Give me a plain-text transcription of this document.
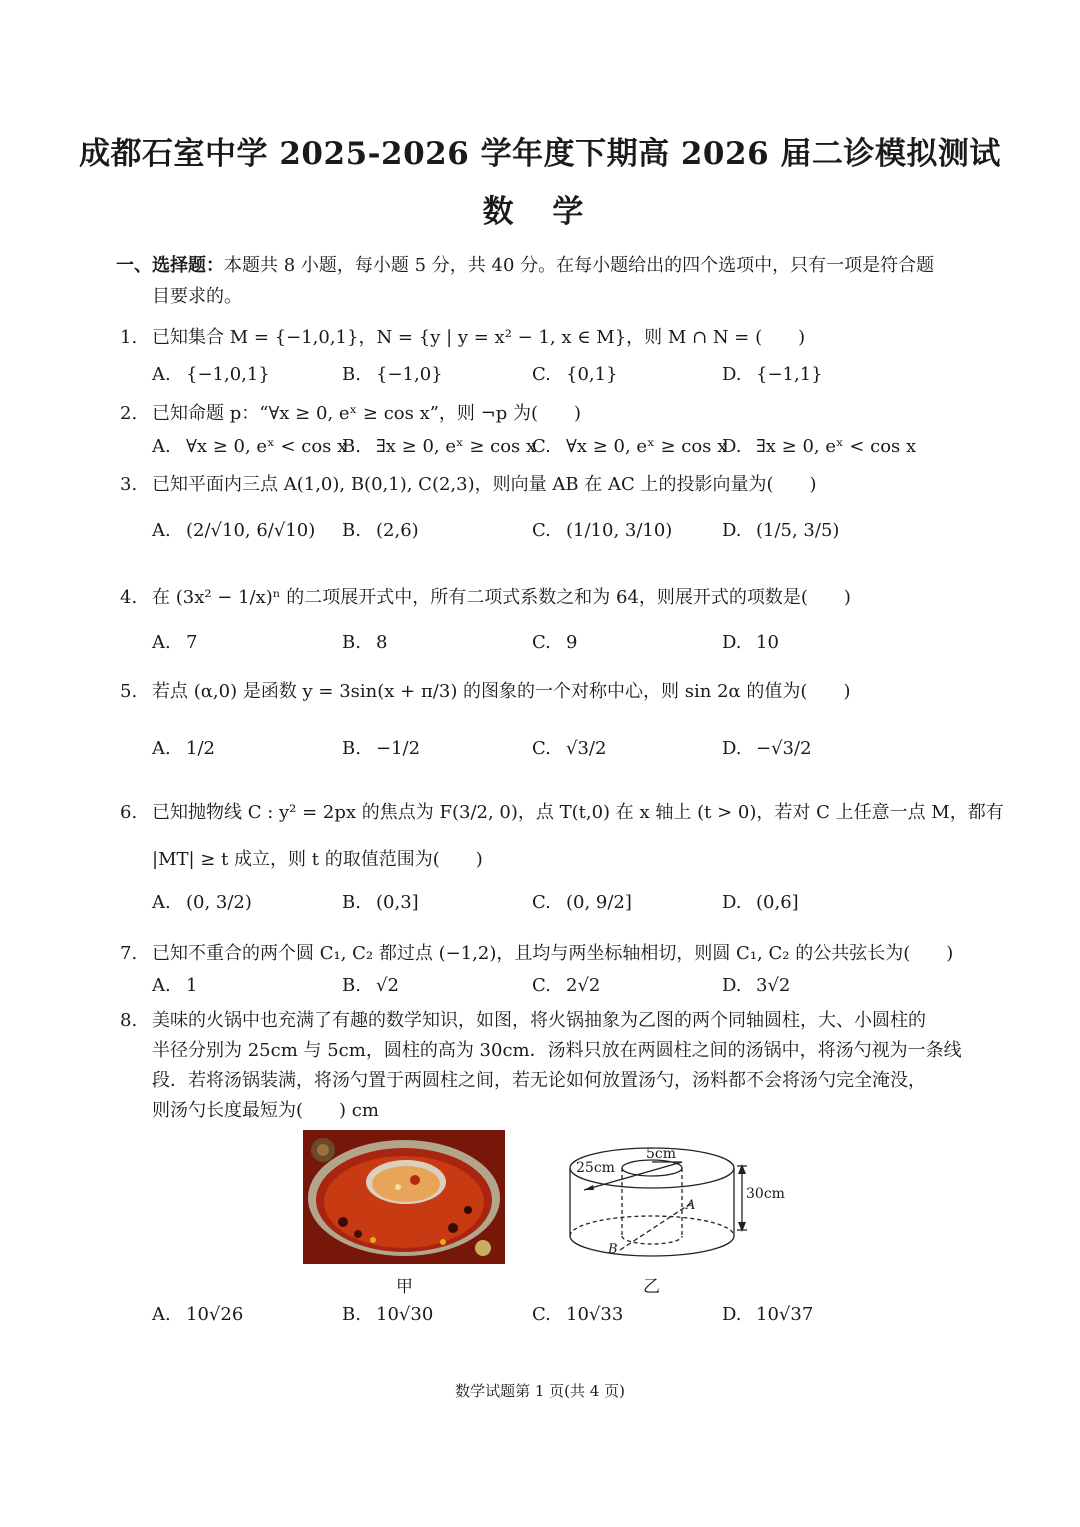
成都石室中学 2025-2026 学年度下期高 2026 届二诊模拟测试
数 学
一、选择题：本题共 8 小题，每小题 5 分，共 40 分。在每小题给出的四个选项中，只有一项是符合题
目要求的。
1. 已知集合 M = {−1,0,1}，N = {y | y = x² − 1, x ∈ M}，则 M ∩ N = (　　)
A. {−1,0,1}	B. {−1,0}	C. {0,1}	D. {−1,1}
2. 已知命题 p：“∀x ≥ 0, eˣ ≥ cos x”，则 ¬p 为(　　)
A. ∀x ≥ 0, eˣ < cos x
B. ∃x ≥ 0, eˣ ≥ cos x
C. ∀x ≥ 0, eˣ ≥ cos x
D. ∃x ≥ 0, eˣ < cos x
3. 已知平面内三点 A(1,0), B(0,1), C(2,3)，则向量 AB 在 AC 上的投影向量为(　　)
A. (2/√10, 6/√10) B. (2,6)	C. (1/10, 3/10)	D. (1/5, 3/5)
4. 在 (3x² − 1/x)ⁿ 的二项展开式中，所有二项式系数之和为 64，则展开式的项数是(　　)
A. 7	B. 8	C. 9	D. 10
5. 若点 (α,0) 是函数 y = 3sin(x + π/3) 的图象的一个对称中心，则 sin 2α 的值为(　　)
A. 1/2	B. −1/2	C. √3/2	D. −√3/2
6. 已知抛物线 C : y² = 2px 的焦点为 F(3/2, 0)，点 T(t,0) 在 x 轴上 (t > 0)，若对 C 上任意一点 M，都有
|MT| ≥ t 成立，则 t 的取值范围为(　　)
A. (0, 3/2)	B. (0,3]	C. (0, 9/2]	D. (0,6]
7. 已知不重合的两个圆 C₁, C₂ 都过点 (−1,2)，且均与两坐标轴相切，则圆 C₁, C₂ 的公共弦长为(　　)
A. 1	B. √2	C. 2√2	D. 3√2
8. 美味的火锅中也充满了有趣的数学知识，如图，将火锅抽象为乙图的两个同轴圆柱，大、小圆柱的
半径分别为 25cm 与 5cm，圆柱的高为 30cm．汤料只放在两圆柱之间的汤锅中，将汤勺视为一条线
段．若将汤锅装满，将汤勺置于两圆柱之间，若无论如何放置汤勺，汤料都不会将汤勺完全淹没，
则汤勺长度最短为(　　) cm
25cm
5cm
30cm
A
B
甲	乙
A. 10√26	B. 10√30	C. 10√33	D. 10√37
数学试题第 1 页(共 4 页)
